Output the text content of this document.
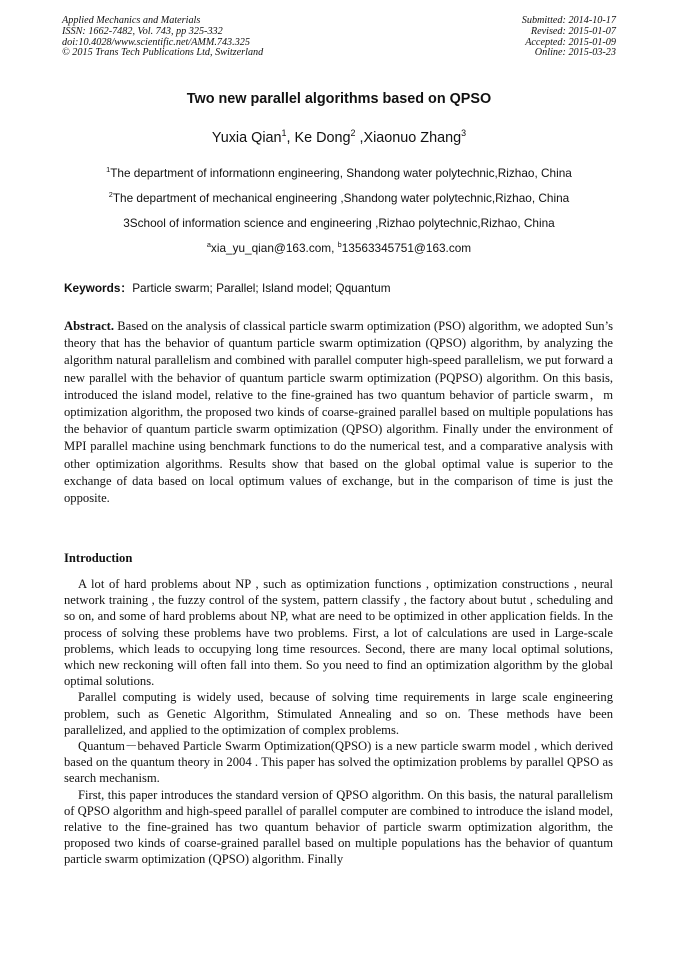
Applied Mechanics and Materials
ISSN: 1662-7482, Vol. 743, pp 325-332
doi:10.4028/www.scientific.net/AMM.743.325
© 2015 Trans Tech Publications Ltd, Switzerland
Submitted: 2014-10-17
Revised: 2015-01-07
Accepted: 2015-01-09
Online: 2015-03-23
Two new parallel algorithms based on QPSO
Yuxia Qian$^1$, Ke Dong$^2$ ,Xiaonuo Zhang$^3$
$^1$The department of informationn engineering, Shandong water polytechnic,Rizhao, China
$^2$The department of mechanical engineering ,Shandong water polytechnic,Rizhao, China
3School of information science and engineering ,Rizhao polytechnic,Rizhao, China
$^a$xia_yu_qian@163.com, $^b$13563345751@163.com
Keywords：Particle swarm; Parallel; Island model; Qquantum
Abstract. Based on the analysis of classical particle swarm optimization (PSO) algorithm, we adopted Sun’s theory that has the behavior of quantum particle swarm optimization (QPSO) algorithm, by analyzing the algorithm natural parallelism and combined with parallel computer high-speed parallelism, we put forward a new parallel with the behavior of quantum particle swarm optimization (PQPSO) algorithm. On this basis, introduced the island model, relative to the fine-grained has two quantum behavior of particle swarm，m optimization algorithm, the proposed two kinds of coarse-grained parallel based on multiple populations has the behavior of quantum particle swarm optimization (QPSO) algorithm. Finally under the environment of MPI parallel machine using benchmark functions to do the numerical test, and a comparative analysis with other optimization algorithms. Results show that based on the global optimal value is superior to the exchange of data based on local optimum values of exchange, but in the comparison of time is just the opposite.
Introduction

A lot of hard problems about NP , such as optimization functions , optimization constructions , neural network training , the fuzzy control of the system, pattern classify , the factory about butut , scheduling and so on, and some of hard problems about NP, what are need to be optimized in other application fields. In the process of solving these problems have two problems. First, a lot of calculations are used in Large-scale problems, which leads to occupying long time resources. Second, there are many local optimal solutions, which new reckoning will often fall into them. So you need to find an optimization algorithm by the global optimal solutions.

Parallel computing is widely used, because of solving time requirements in large scale engineering problem, such as Genetic Algorithm, Stimulated Annealing and so on. These methods have been parallelized, and applied to the optimization of complex problems.

Quantum－behaved Particle Swarm Optimization(QPSO) is a new particle swarm model , which derived based on the quantum theory in 2004 . This paper has solved the optimization problems by parallel QPSO as search mechanism.

First, this paper introduces the standard version of QPSO algorithm. On this basis, the natural parallelism of QPSO algorithm and high-speed parallel of parallel computer are combined to introduce the island model, relative to the fine-grained has two quantum behavior of particle swarm optimization algorithm, the proposed two kinds of coarse-grained parallel based on multiple populations has the behavior of quantum particle swarm optimization (QPSO) algorithm. Finally
